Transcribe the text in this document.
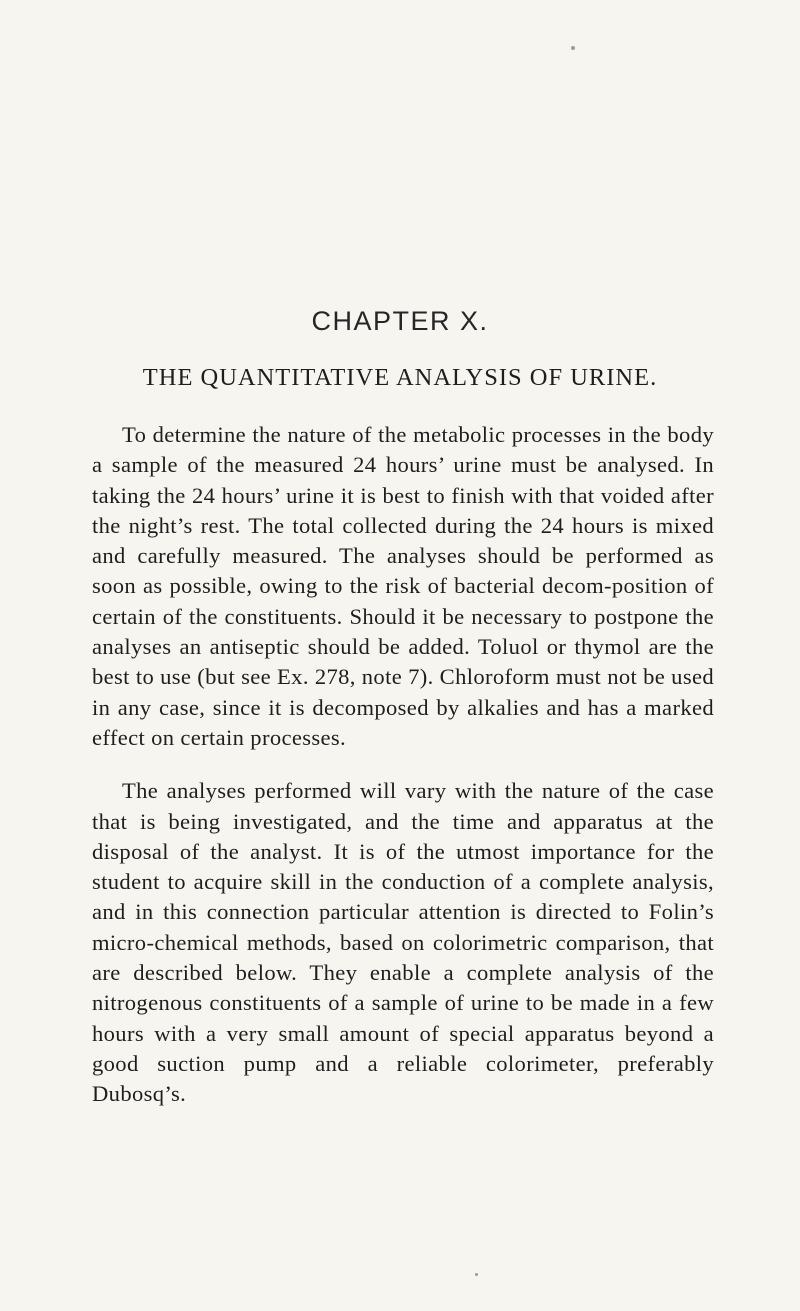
CHAPTER X.
THE QUANTITATIVE ANALYSIS OF URINE.

To determine the nature of the metabolic processes in the body a sample of the measured 24 hours’ urine must be analysed. In taking the 24 hours’ urine it is best to finish with that voided after the night’s rest. The total collected during the 24 hours is mixed and carefully measured. The analyses should be performed as soon as possible, owing to the risk of bacterial decom-position of certain of the constituents. Should it be necessary to postpone the analyses an antiseptic should be added. Toluol or thymol are the best to use (but see Ex. 278, note 7). Chloroform must not be used in any case, since it is decomposed by alkalies and has a marked effect on certain processes.

The analyses performed will vary with the nature of the case that is being investigated, and the time and apparatus at the disposal of the analyst. It is of the utmost importance for the student to acquire skill in the conduction of a complete analysis, and in this connection particular attention is directed to Folin’s micro-chemical methods, based on colorimetric comparison, that are described below. They enable a complete analysis of the nitrogenous constituents of a sample of urine to be made in a few hours with a very small amount of special apparatus beyond a good suction pump and a reliable colorimeter, preferably Dubosq’s.
